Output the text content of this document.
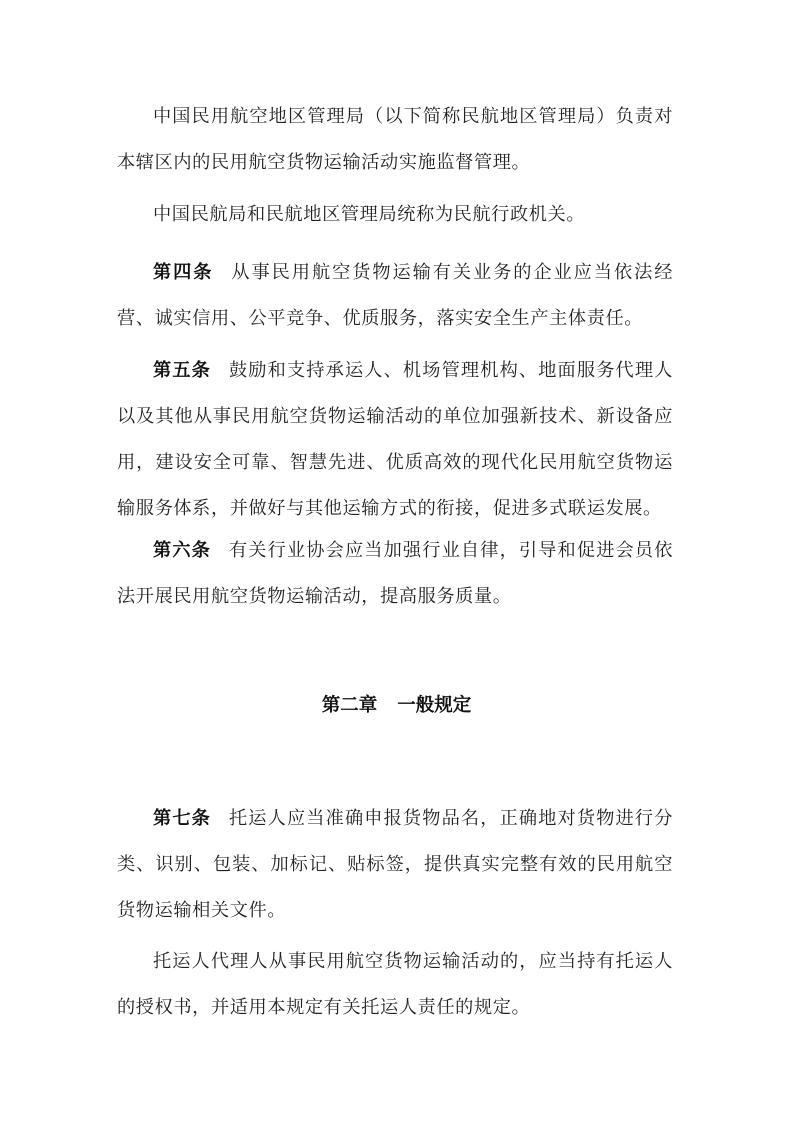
中国民用航空地区管理局（以下简称民航地区管理局）负责对本辖区内的民用航空货物运输活动实施监督管理。

中国民航局和民航地区管理局统称为民航行政机关。

第四条 从事民用航空货物运输有关业务的企业应当依法经营、诚实信用、公平竞争、优质服务，落实安全生产主体责任。

第五条 鼓励和支持承运人、机场管理机构、地面服务代理人以及其他从事民用航空货物运输活动的单位加强新技术、新设备应用，建设安全可靠、智慧先进、优质高效的现代化民用航空货物运输服务体系，并做好与其他运输方式的衔接，促进多式联运发展。

第六条 有关行业协会应当加强行业自律，引导和促进会员依法开展民用航空货物运输活动，提高服务质量。

第二章 一般规定

第七条 托运人应当准确申报货物品名，正确地对货物进行分类、识别、包装、加标记、贴标签，提供真实完整有效的民用航空货物运输相关文件。

托运人代理人从事民用航空货物运输活动的，应当持有托运人的授权书，并适用本规定有关托运人责任的规定。
